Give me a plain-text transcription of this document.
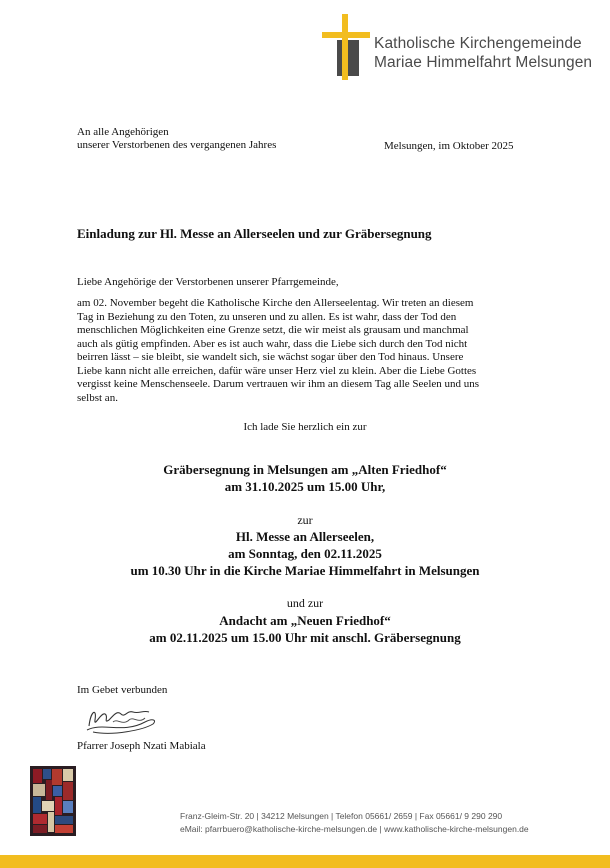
Katholische Kirchengemeinde
Mariae Himmelfahrt Melsungen
An alle Angehörigen
unserer Verstorbenen des vergangenen Jahres	Melsungen, im Oktober 2025
Einladung zur Hl. Messe an Allerseelen und zur Gräbersegnung
Liebe Angehörige der Verstorbenen unserer Pfarrgemeinde,
am 02. November begeht die Katholische Kirche den Allerseelentag. Wir treten an diesem
Tag in Beziehung zu den Toten, zu unseren und zu allen. Es ist wahr, dass der Tod den
menschlichen Möglichkeiten eine Grenze setzt, die wir meist als grausam und manchmal
auch als gütig empfinden. Aber es ist auch wahr, dass die Liebe sich durch den Tod nicht
beirren lässt – sie bleibt, sie wandelt sich, sie wächst sogar über den Tod hinaus. Unsere
Liebe kann nicht alle erreichen, dafür wäre unser Herz viel zu klein. Aber die Liebe Gottes
vergisst keine Menschenseele. Darum vertrauen wir ihm an diesem Tag alle Seelen und uns
selbst an.
Ich lade Sie herzlich ein zur
Gräbersegnung in Melsungen am „Alten Friedhof“
am 31.10.2025 um 15.00 Uhr,
zur
Hl. Messe an Allerseelen,
am Sonntag, den 02.11.2025
um 10.30 Uhr in die Kirche Mariae Himmelfahrt in Melsungen
und zur
Andacht am „Neuen Friedhof“
am 02.11.2025 um 15.00 Uhr mit anschl. Gräbersegnung
Im Gebet verbunden
Pfarrer Joseph Nzati Mabiala
Franz-Gleim-Str. 20 | 34212 Melsungen | Telefon 05661/ 2659 | Fax 05661/ 9 290 290
eMail: pfarrbuero@katholische-kirche-melsungen.de | www.katholische-kirche-melsungen.de
